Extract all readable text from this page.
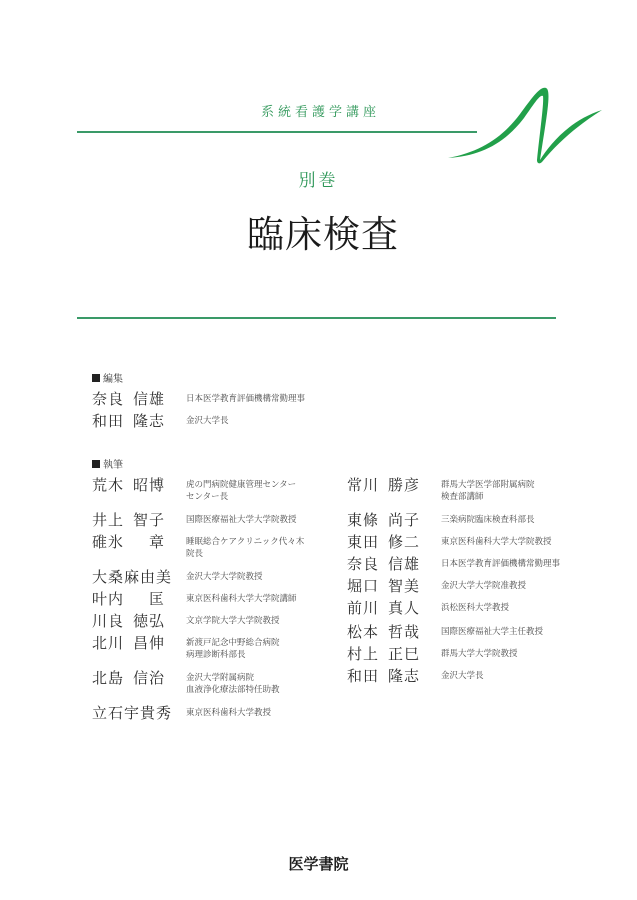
系統看護学講座
別巻
臨床検査
編集
奈良 信雄 日本医学教育評価機構常勤理事
和田 隆志 金沢大学長
執筆
荒木 昭博 虎の門病院健康管理センター
センター長
井上 智子 国際医療福祉大学大学院教授
碓氷 章 睡眠総合ケアクリニック代々木
院長
大桑麻由美 金沢大学大学院教授
叶内 匡 東京医科歯科大学大学院講師
川良 徳弘 文京学院大学大学院教授
北川 昌伸 新渡戸記念中野総合病院
病理診断科部長
北島 信治 金沢大学附属病院
血液浄化療法部特任助教
立石宇貴秀 東京医科歯科大学教授
常川 勝彦 群馬大学医学部附属病院
検査部講師
東條 尚子 三楽病院臨床検査科部長
東田 修二 東京医科歯科大学大学院教授
奈良 信雄 日本医学教育評価機構常勤理事
堀口 智美 金沢大学大学院准教授
前川 真人 浜松医科大学教授
松本 哲哉 国際医療福祉大学主任教授
村上 正巳 群馬大学大学院教授
和田 隆志 金沢大学長
医学書院
